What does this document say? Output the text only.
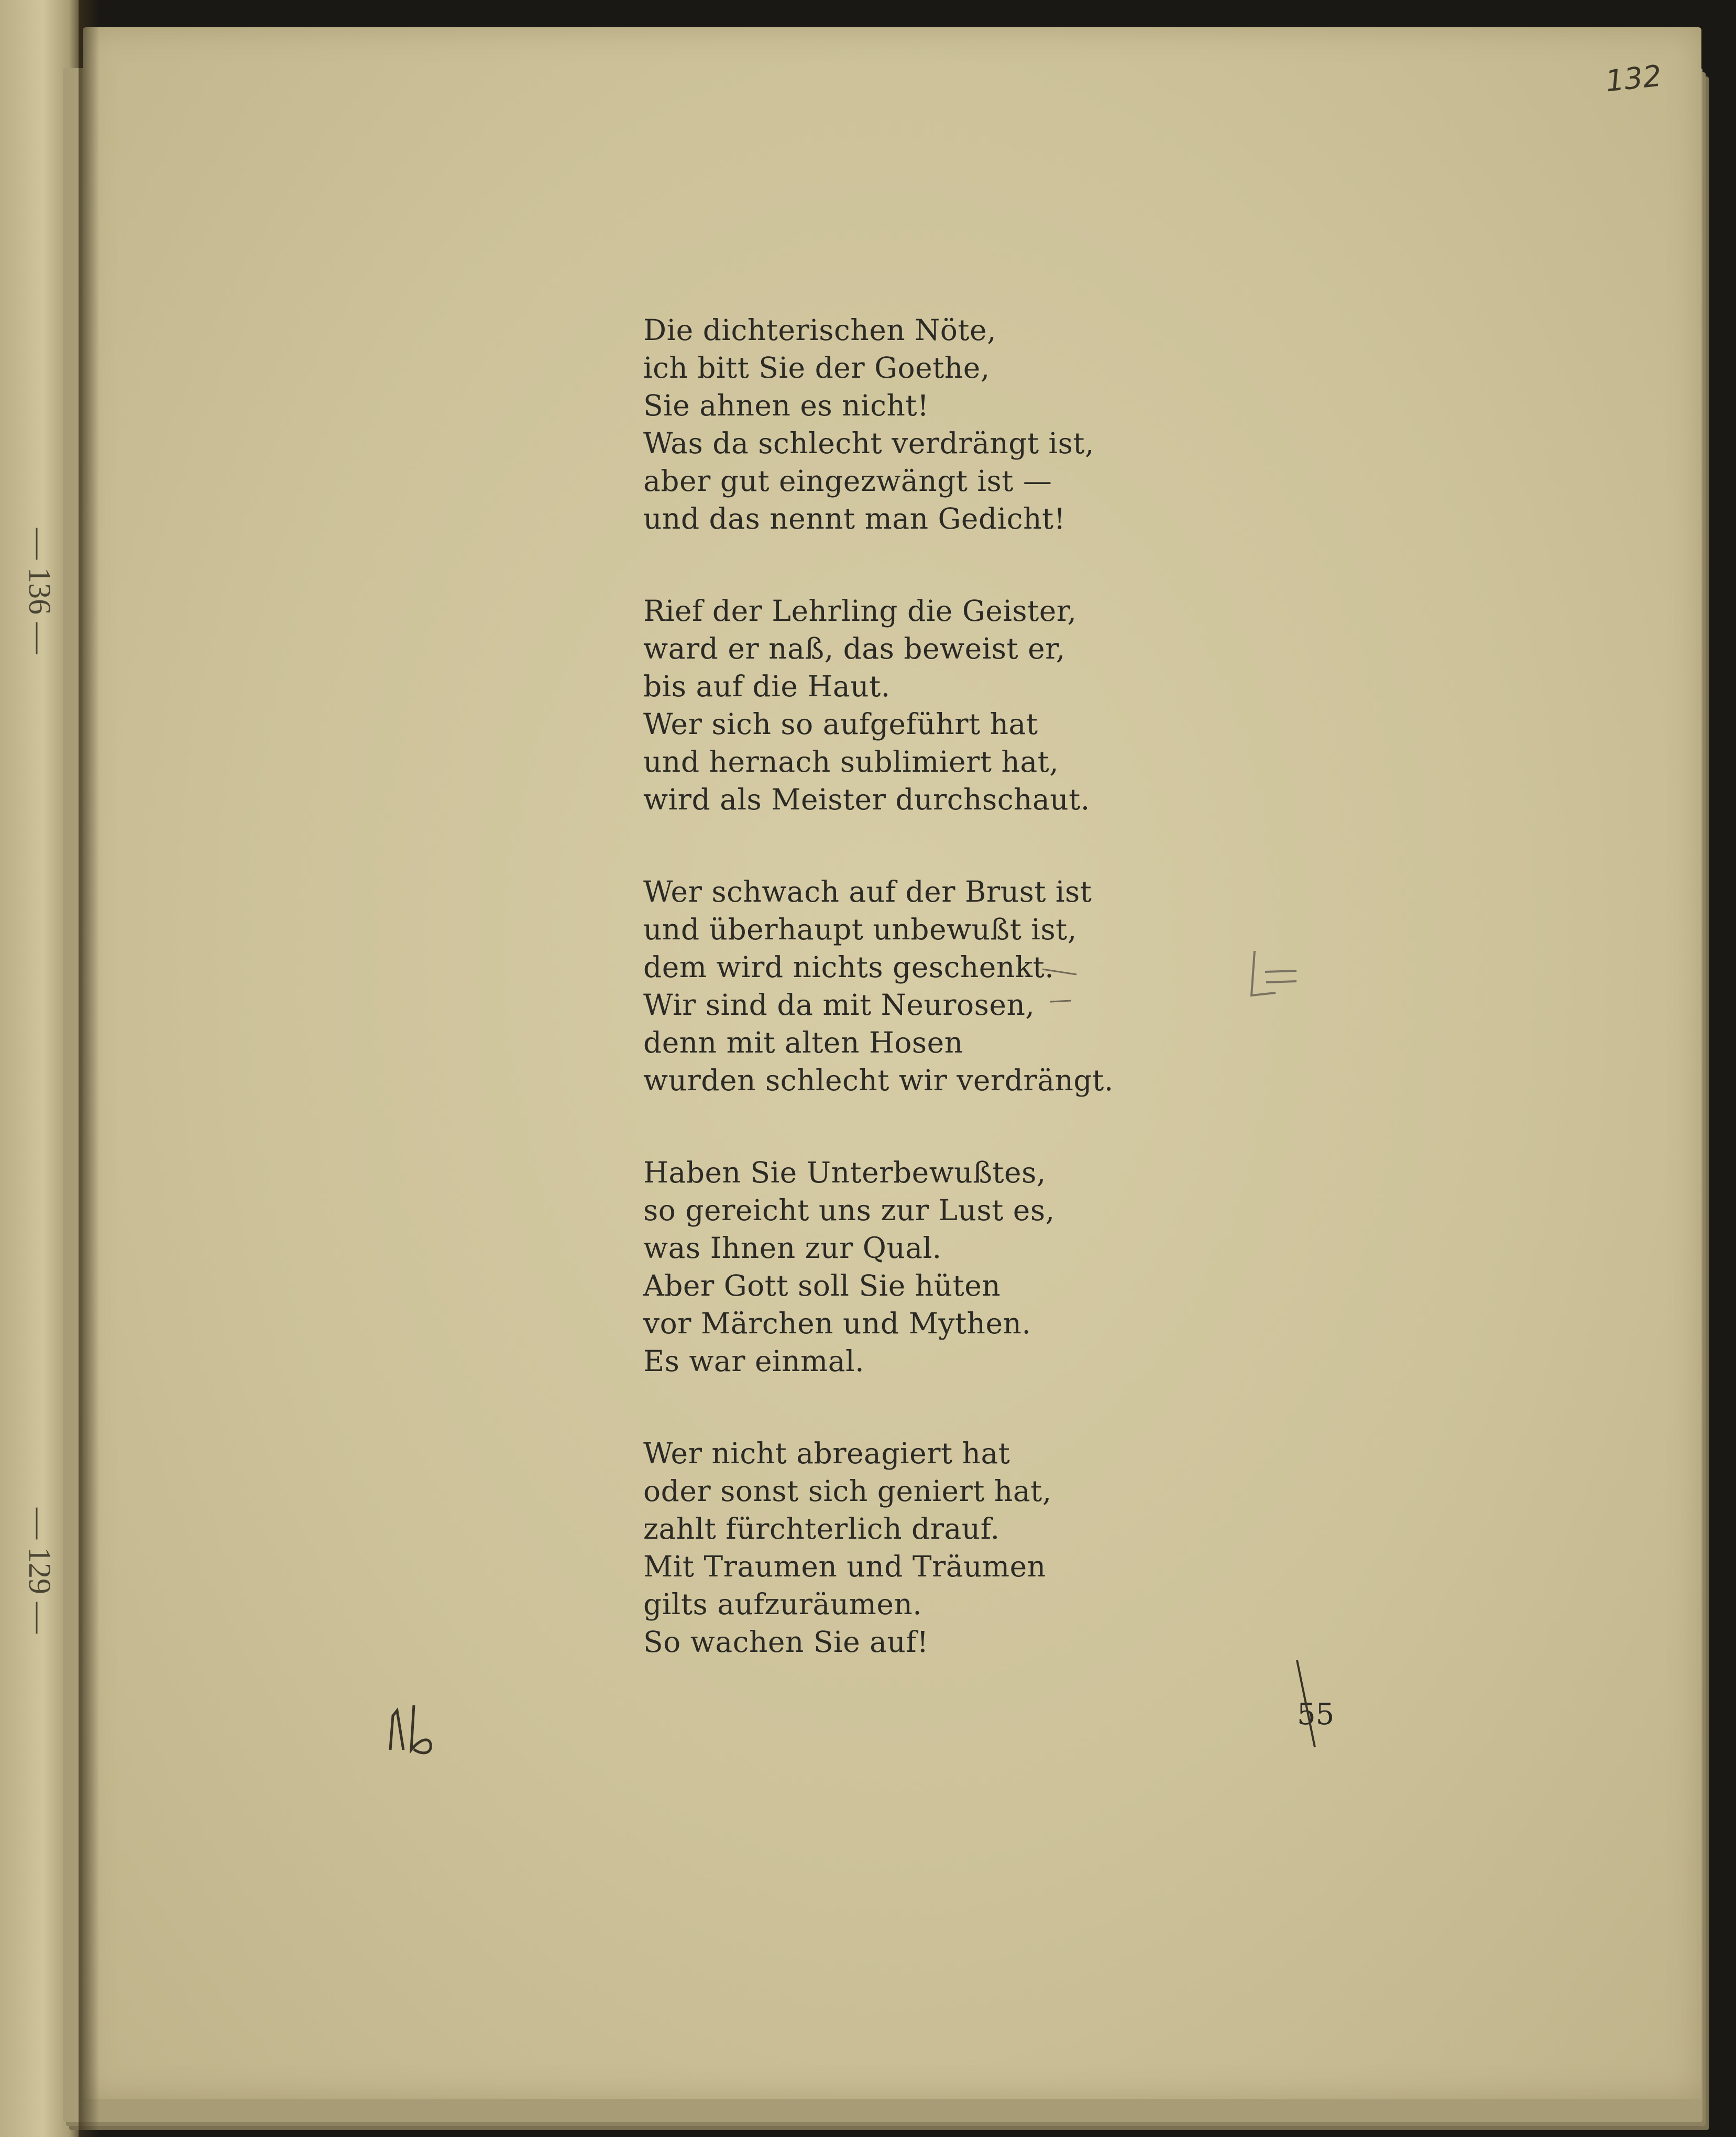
— 136 —
— 129 —
132
Die dichterischen Nöte,
ich bitt Sie der Goethe,
Sie ahnen es nicht!
Was da schlecht verdrängt ist,
aber gut eingezwängt ist —
und das nennt man Gedicht!
Rief der Lehrling die Geister,
ward er naß, das beweist er,
bis auf die Haut.
Wer sich so aufgeführt hat
und hernach sublimiert hat,
wird als Meister durchschaut.
Wer schwach auf der Brust ist
und überhaupt unbewußt ist,
dem wird nichts geschenkt.
Wir sind da mit Neurosen,
denn mit alten Hosen
wurden schlecht wir verdrängt.
Haben Sie Unterbewußtes,
so gereicht uns zur Lust es,
was Ihnen zur Qual.
Aber Gott soll Sie hüten
vor Märchen und Mythen.
Es war einmal.
Wer nicht abreagiert hat
oder sonst sich geniert hat,
zahlt fürchterlich drauf.
Mit Traumen und Träumen
gilts aufzuräumen.
So wachen Sie auf!
55
